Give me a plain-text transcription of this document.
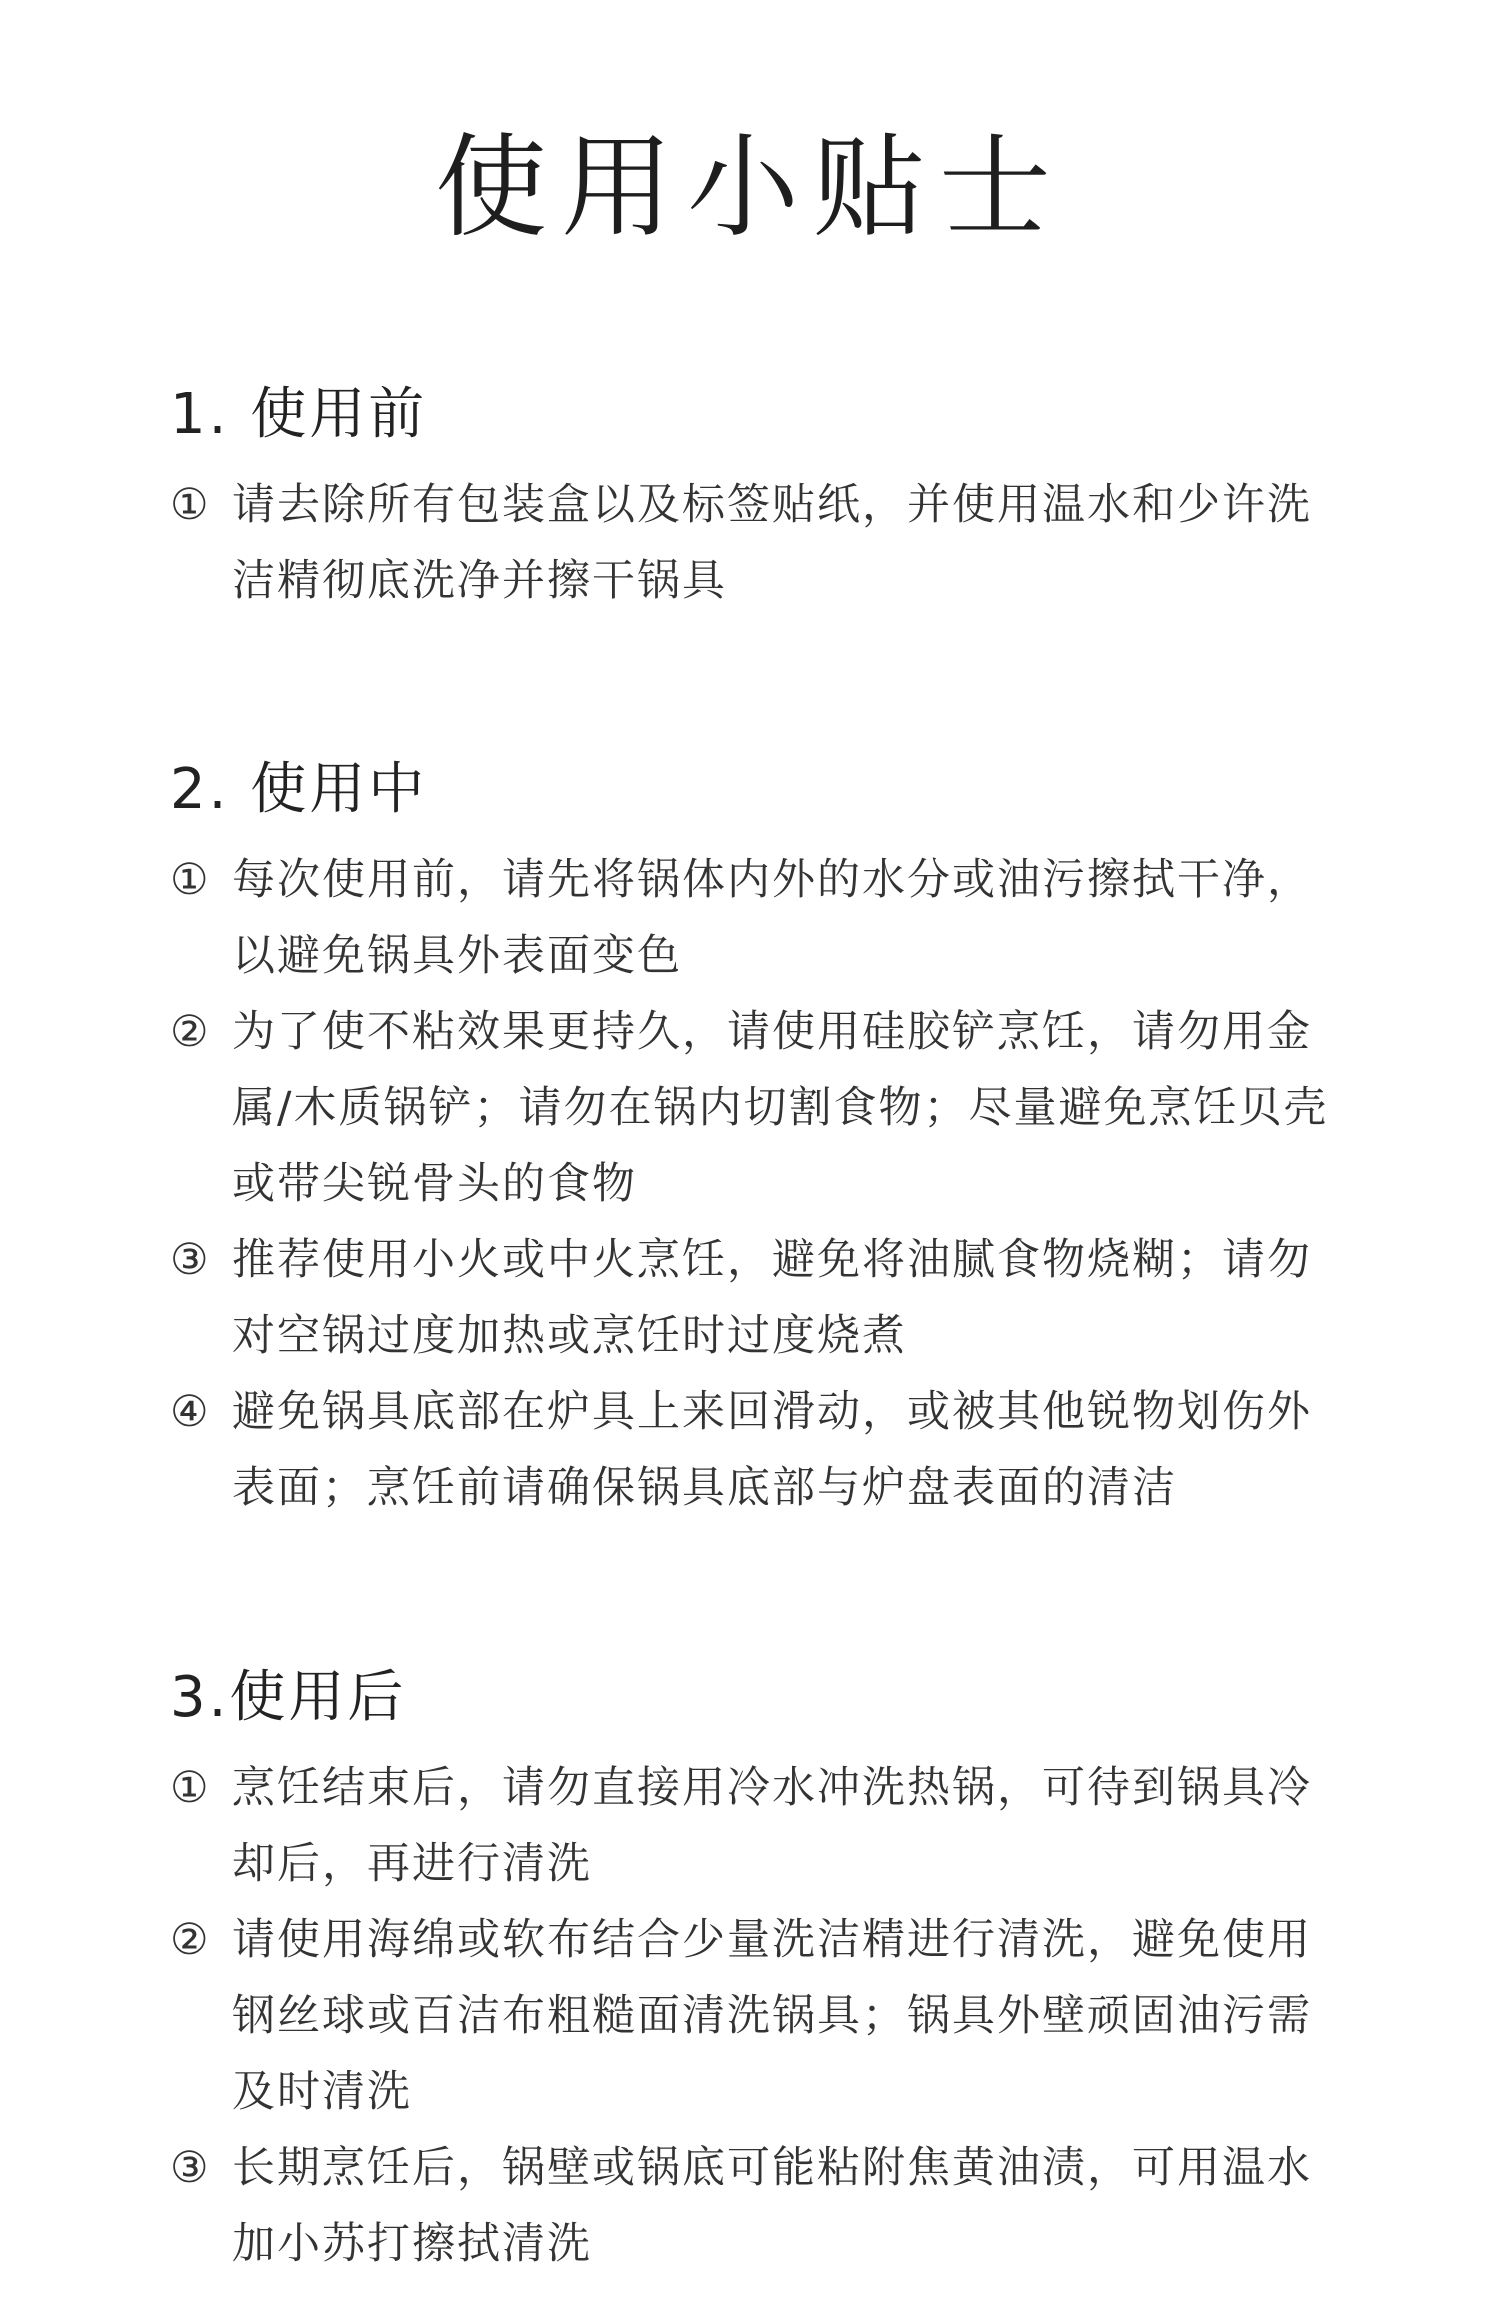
使用小贴士
1. 使用前
① 请去除所有包装盒以及标签贴纸，并使用温水和少许洗洁精彻底洗净并擦干锅具
2. 使用中
① 每次使用前，请先将锅体内外的水分或油污擦拭干净，以避免锅具外表面变色
② 为了使不粘效果更持久，请使用硅胶铲烹饪，请勿用金属/木质锅铲；请勿在锅内切割食物；尽量避免烹饪贝壳或带尖锐骨头的食物
③ 推荐使用小火或中火烹饪，避免将油腻食物烧糊；请勿对空锅过度加热或烹饪时过度烧煮
④ 避免锅具底部在炉具上来回滑动，或被其他锐物划伤外表面；烹饪前请确保锅具底部与炉盘表面的清洁
3.使用后
① 烹饪结束后，请勿直接用冷水冲洗热锅，可待到锅具冷却后，再进行清洗
② 请使用海绵或软布结合少量洗洁精进行清洗，避免使用钢丝球或百洁布粗糙面清洗锅具；锅具外壁顽固油污需及时清洗
③ 长期烹饪后，锅壁或锅底可能粘附焦黄油渍，可用温水加小苏打擦拭清洗
